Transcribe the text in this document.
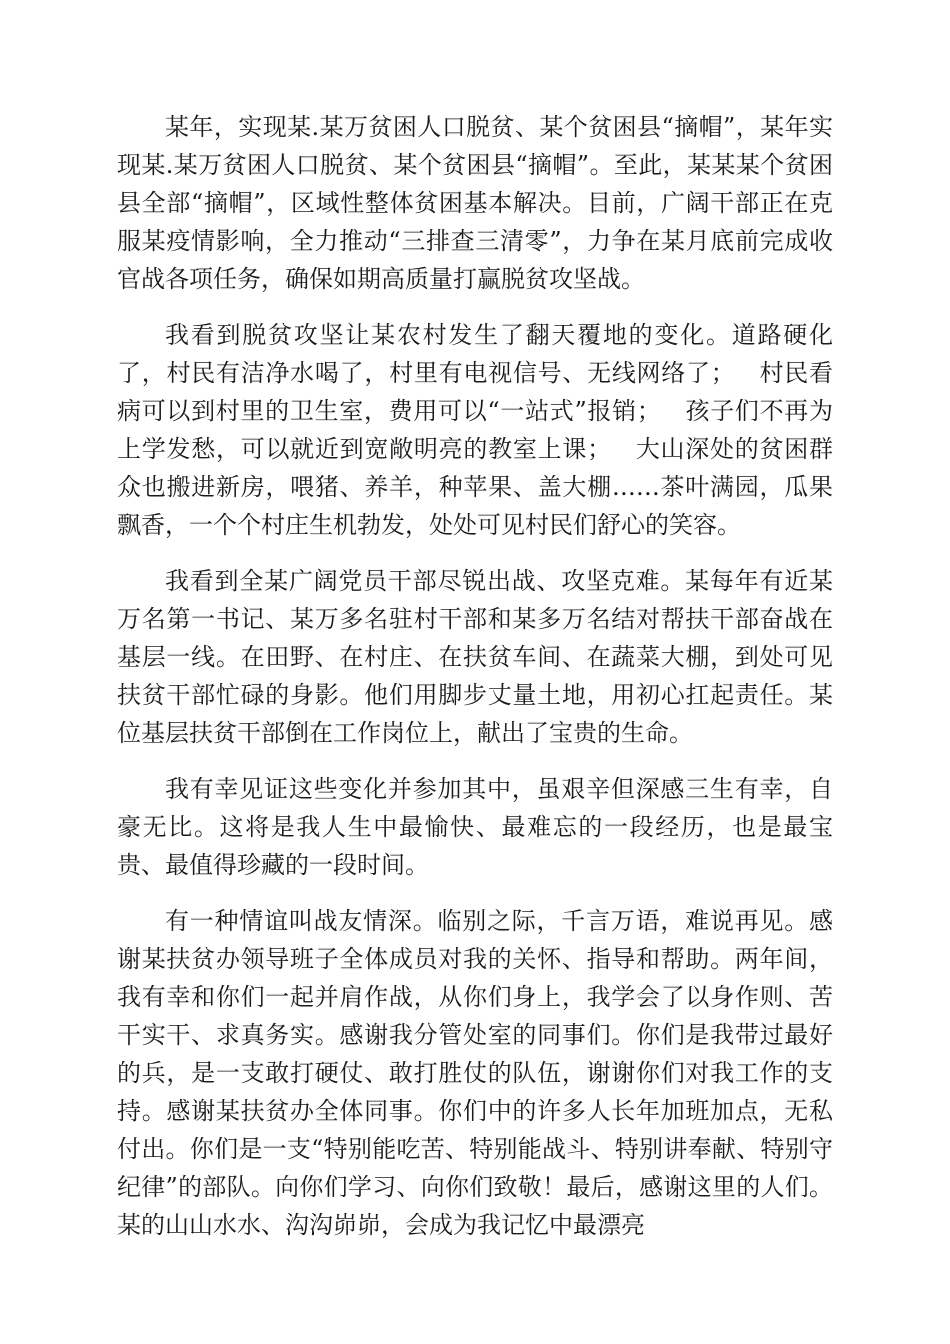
某年，实现某.某万贫困人口脱贫、某个贫困县“摘帽”，某年实现某.某万贫困人口脱贫、某个贫困县“摘帽”。至此，某某某个贫困县全部“摘帽”，区域性整体贫困基本解决。目前，广阔干部正在克服某疫情影响，全力推动“三排查三清零”，力争在某月底前完成收官战各项任务，确保如期高质量打赢脱贫攻坚战。

我看到脱贫攻坚让某农村发生了翻天覆地的变化。道路硬化了，村民有洁净水喝了，村里有电视信号、无线网络了； 村民看病可以到村里的卫生室，费用可以“一站式”报销； 孩子们不再为上学发愁，可以就近到宽敞明亮的教室上课； 大山深处的贫困群众也搬进新房，喂猪、养羊，种苹果、盖大棚……茶叶满园，瓜果飘香，一个个村庄生机勃发，处处可见村民们舒心的笑容。

我看到全某广阔党员干部尽锐出战、攻坚克难。某每年有近某万名第一书记、某万多名驻村干部和某多万名结对帮扶干部奋战在基层一线。在田野、在村庄、在扶贫车间、在蔬菜大棚，到处可见扶贫干部忙碌的身影。他们用脚步丈量土地，用初心扛起责任。某位基层扶贫干部倒在工作岗位上，献出了宝贵的生命。

我有幸见证这些变化并参加其中，虽艰辛但深感三生有幸，自豪无比。这将是我人生中最愉快、最难忘的一段经历，也是最宝贵、最值得珍藏的一段时间。

有一种情谊叫战友情深。临别之际，千言万语，难说再见。感谢某扶贫办领导班子全体成员对我的关怀、指导和帮助。两年间，我有幸和你们一起并肩作战，从你们身上，我学会了以身作则、苦干实干、求真务实。感谢我分管处室的同事们。你们是我带过最好的兵，是一支敢打硬仗、敢打胜仗的队伍，谢谢你们对我工作的支持。感谢某扶贫办全体同事。你们中的许多人长年加班加点，无私付出。你们是一支“特别能吃苦、特别能战斗、特别讲奉献、特别守纪律”的部队。向你们学习、向你们致敬！最后，感谢这里的人们。某的山山水水、沟沟峁峁，会成为我记忆中最漂亮
